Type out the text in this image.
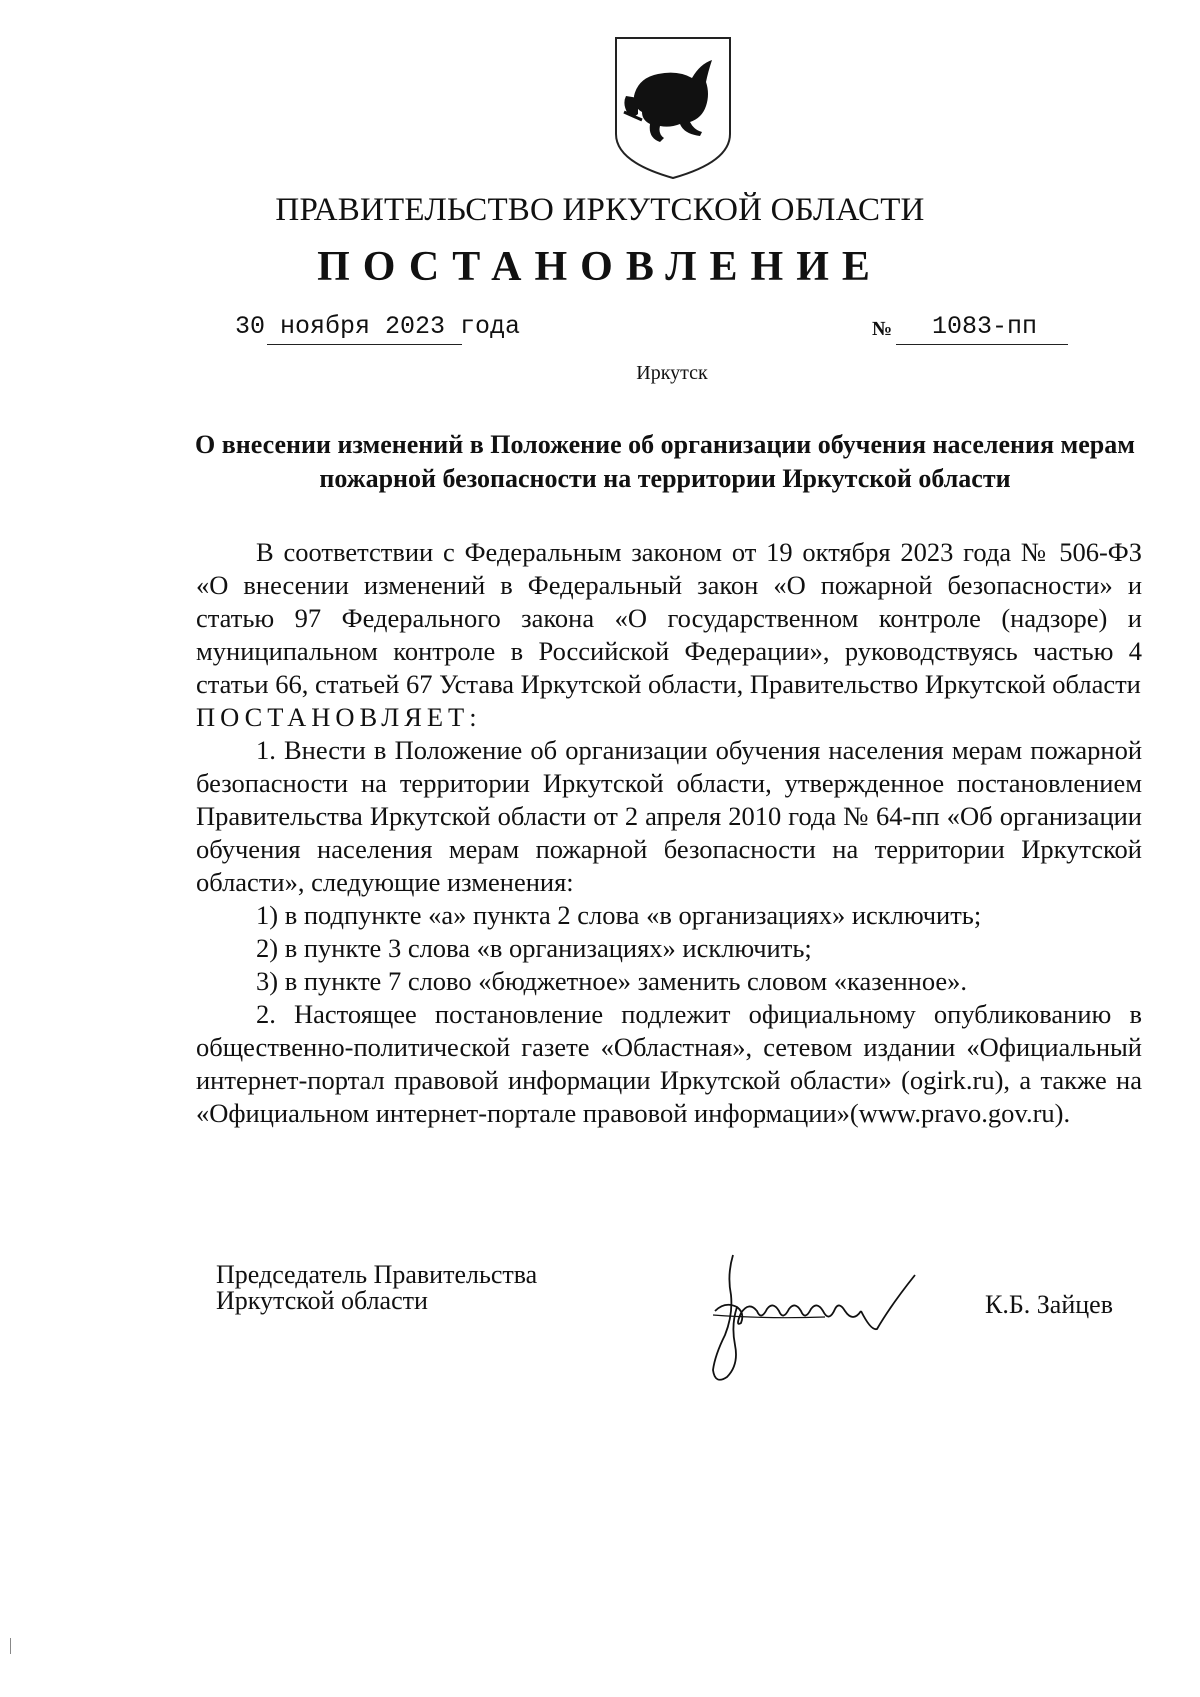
ПРАВИТЕЛЬСТВО ИРКУТСКОЙ ОБЛАСТИ
ПОСТАНОВЛЕНИЕ
30 ноября 2023 года	№ 1083-пп
Иркутск
О внесении изменений в Положение об организации обучения населения мерам пожарной безопасности на территории Иркутской области

В соответствии с Федеральным законом от 19 октября 2023 года № 506-ФЗ «О внесении изменений в Федеральный закон «О пожарной безопасности» и статью 97 Федерального закона «О государственном контроле (надзоре) и муниципальном контроле в Российской Федерации», руководствуясь частью 4 статьи 66, статьей 67 Устава Иркутской области, Правительство Иркутской области

ПОСТАНОВЛЯЕТ:

1. Внести в Положение об организации обучения населения мерам пожарной безопасности на территории Иркутской области, утвержденное постановлением Правительства Иркутской области от 2 апреля 2010 года № 64-пп «Об организации обучения населения мерам пожарной безопасности на территории Иркутской области», следующие изменения:

1) в подпункте «а» пункта 2 слова «в организациях» исключить;

2) в пункте 3 слова «в организациях» исключить;

3) в пункте 7 слово «бюджетное» заменить словом «казенное».

2. Настоящее постановление подлежит официальному опубликованию в общественно-политической газете «Областная», сетевом издании «Официальный интернет-портал правовой информации Иркутской области» (ogirk.ru), а также на «Официальном интернет-портале правовой информации»(www.pravo.gov.ru).

Председатель Правительства
Иркутской области	К.Б. Зайцев
